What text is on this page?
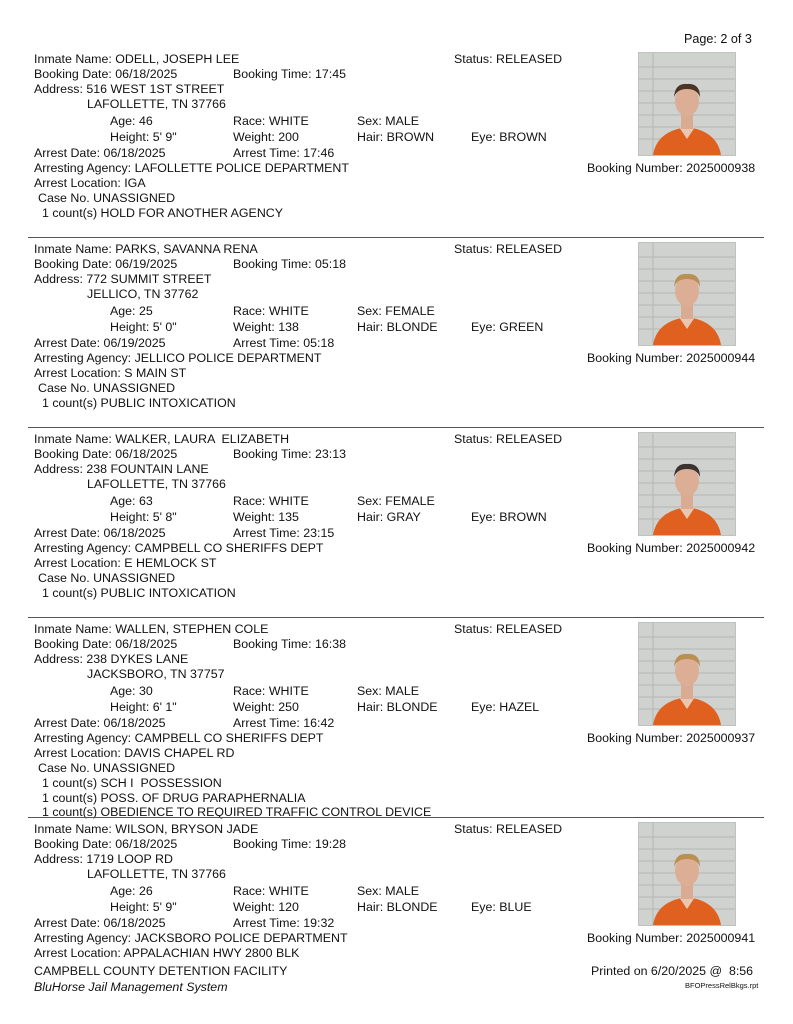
Page: 2 of 3
Inmate Name: ODELL, JOSEPH LEE	Status: RELEASED
Booking Date: 06/18/2025	Booking Time: 17:45
Address: 516 WEST 1ST STREET
LAFOLLETTE, TN 37766
Age: 46	Race: WHITE	Sex: MALE
Height: 5' 9"	Weight: 200	Hair: BROWN	Eye: BROWN
Arrest Date: 06/18/2025	Arrest Time: 17:46
Arresting Agency: LAFOLLETTE POLICE DEPARTMENT	Booking Number: 2025000938
Arrest Location: IGA
Case No. UNASSIGNED
1 count(s) HOLD FOR ANOTHER AGENCY
Inmate Name: PARKS, SAVANNA RENA	Status: RELEASED
Booking Date: 06/19/2025	Booking Time: 05:18
Address: 772 SUMMIT STREET
JELLICO, TN 37762
Age: 25	Race: WHITE	Sex: FEMALE
Height: 5' 0"	Weight: 138	Hair: BLONDE	Eye: GREEN
Arrest Date: 06/19/2025	Arrest Time: 05:18
Arresting Agency: JELLICO POLICE DEPARTMENT	Booking Number: 2025000944
Arrest Location: S MAIN ST
Case No. UNASSIGNED
1 count(s) PUBLIC INTOXICATION
Inmate Name: WALKER, LAURA  ELIZABETH	Status: RELEASED
Booking Date: 06/18/2025	Booking Time: 23:13
Address: 238 FOUNTAIN LANE
LAFOLLETTE, TN 37766
Age: 63	Race: WHITE	Sex: FEMALE
Height: 5' 8"	Weight: 135	Hair: GRAY	Eye: BROWN
Arrest Date: 06/18/2025	Arrest Time: 23:15
Arresting Agency: CAMPBELL CO SHERIFFS DEPT	Booking Number: 2025000942
Arrest Location: E HEMLOCK ST
Case No. UNASSIGNED
1 count(s) PUBLIC INTOXICATION
Inmate Name: WALLEN, STEPHEN COLE	Status: RELEASED
Booking Date: 06/18/2025	Booking Time: 16:38
Address: 238 DYKES LANE
JACKSBORO, TN 37757
Age: 30	Race: WHITE	Sex: MALE
Height: 6' 1"	Weight: 250	Hair: BLONDE	Eye: HAZEL
Arrest Date: 06/18/2025	Arrest Time: 16:42
Arresting Agency: CAMPBELL CO SHERIFFS DEPT	Booking Number: 2025000937
Arrest Location: DAVIS CHAPEL RD
Case No. UNASSIGNED
1 count(s) SCH I  POSSESSION
1 count(s) POSS. OF DRUG PARAPHERNALIA
1 count(s) OBEDIENCE TO REQUIRED TRAFFIC CONTROL DEVICE
Inmate Name: WILSON, BRYSON JADE	Status: RELEASED
Booking Date: 06/18/2025	Booking Time: 19:28
Address: 1719 LOOP RD
LAFOLLETTE, TN 37766
Age: 26	Race: WHITE	Sex: MALE
Height: 5' 9"	Weight: 120	Hair: BLONDE	Eye: BLUE
Arrest Date: 06/18/2025	Arrest Time: 19:32
Arresting Agency: JACKSBORO POLICE DEPARTMENT	Booking Number: 2025000941
Arrest Location: APPALACHIAN HWY 2800 BLK
CAMPBELL COUNTY DETENTION FACILITY
BluHorse Jail Management System
Printed on 6/20/2025 @  8:56
BFOPressRelBkgs.rpt
